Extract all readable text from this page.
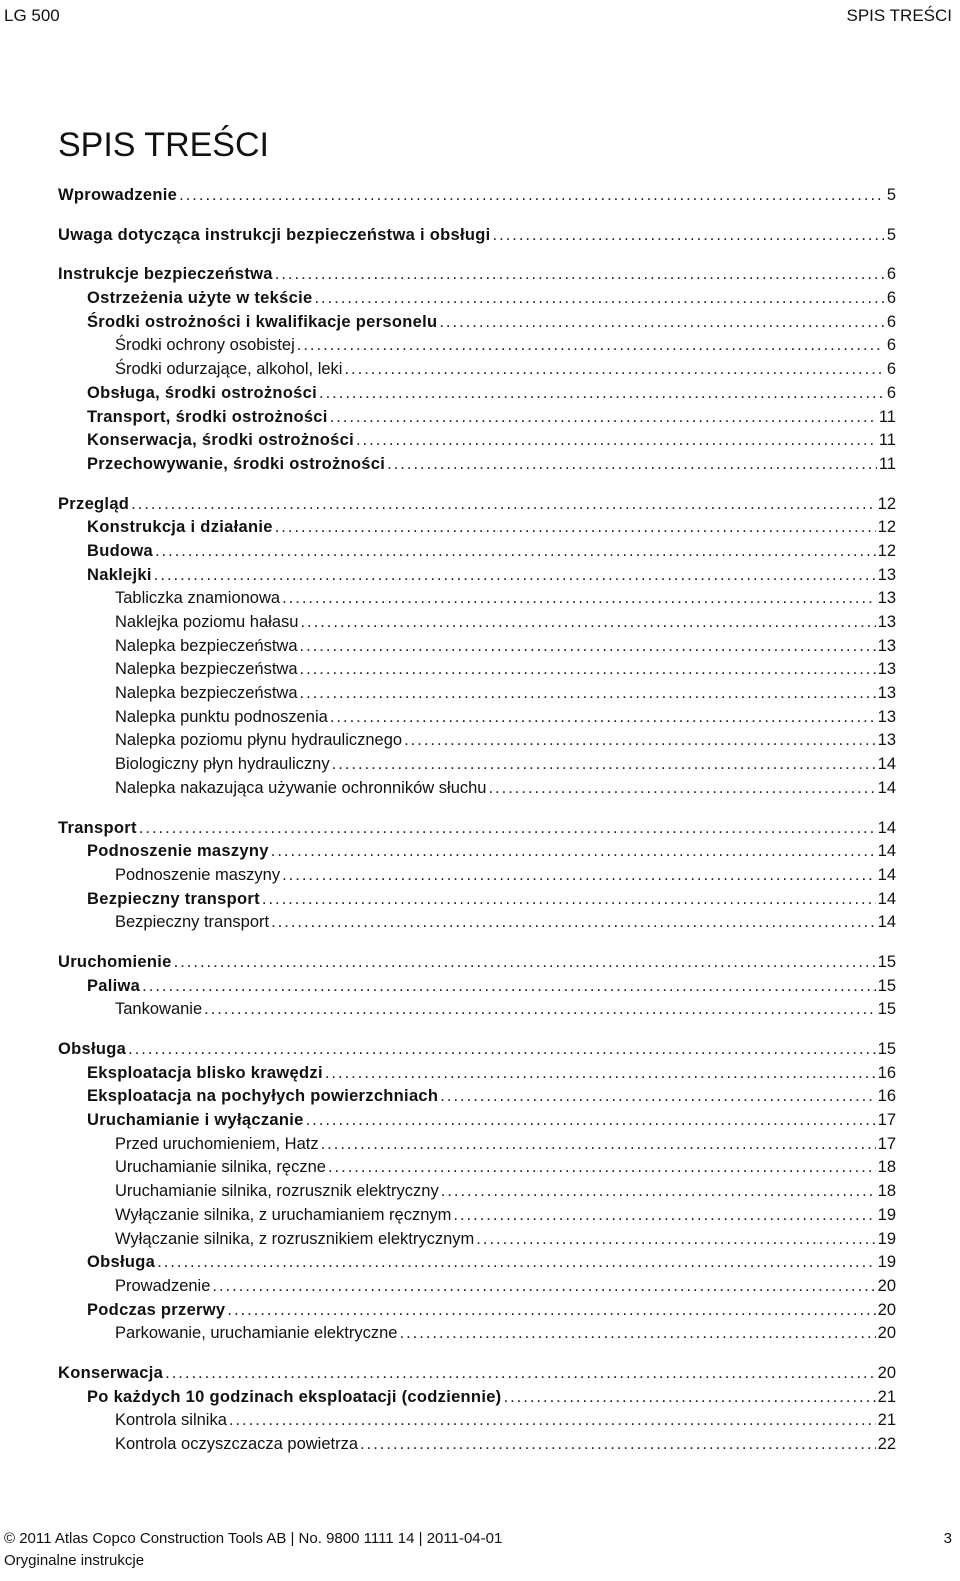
LG 500	SPIS TREŚCI
SPIS TREŚCI
Wprowadzenie .....	5
Uwaga dotycząca instrukcji bezpieczeństwa i obsługi .....	5
Instrukcje bezpieczeństwa .....	6
Ostrzeżenia użyte w tekście .....	6
Środki ostrożności i kwalifikacje personelu .....	6
Środki ochrony osobistej .....	6
Środki odurzające, alkohol, leki .....	6
Obsługa, środki ostrożności .....	6
Transport, środki ostrożności .....	11
Konserwacja, środki ostrożności .....	11
Przechowywanie, środki ostrożności .....	11
Przegląd .....	12
Konstrukcja i działanie .....	12
Budowa .....	12
Naklejki .....	13
Tabliczka znamionowa .....	13
Naklejka poziomu hałasu .....	13
Nalepka bezpieczeństwa .....	13
Nalepka bezpieczeństwa .....	13
Nalepka bezpieczeństwa .....	13
Nalepka punktu podnoszenia .....	13
Nalepka poziomu płynu hydraulicznego .....	13
Biologiczny płyn hydrauliczny .....	14
Nalepka nakazująca używanie ochronników słuchu .....	14
Transport .....	14
Podnoszenie maszyny .....	14
Podnoszenie maszyny .....	14
Bezpieczny transport .....	14
Bezpieczny transport .....	14
Uruchomienie .....	15
Paliwa .....	15
Tankowanie .....	15
Obsługa .....	15
Eksploatacja blisko krawędzi .....	16
Eksploatacja na pochyłych powierzchniach .....	16
Uruchamianie i wyłączanie .....	17
Przed uruchomieniem, Hatz .....	17
Uruchamianie silnika, ręczne .....	18
Uruchamianie silnika, rozrusznik elektryczny .....	18
Wyłączanie silnika, z uruchamianiem ręcznym .....	19
Wyłączanie silnika, z rozrusznikiem elektrycznym .....	19
Obsługa .....	19
Prowadzenie .....	20
Podczas przerwy .....	20
Parkowanie, uruchamianie elektryczne .....	20
Konserwacja .....	20
Po każdych 10 godzinach eksploatacji (codziennie) .....	21
Kontrola silnika .....	21
Kontrola oczyszczacza powietrza .....	22
© 2011 Atlas Copco Construction Tools AB | No. 9800 1111 14 | 2011-04-01
Oryginalne instrukcje
3
